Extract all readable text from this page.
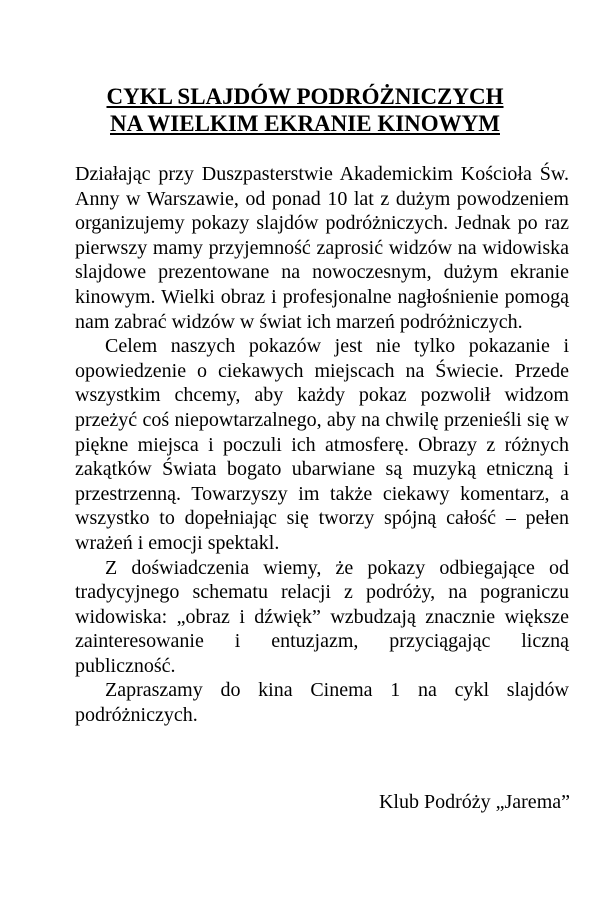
CYKL SLAJDÓW PODRÓŻNICZYCH
NA WIELKIM EKRANIE KINOWYM

Działając przy Duszpasterstwie Akademickim Kościoła Św. Anny w Warszawie, od ponad 10 lat z dużym powodzeniem organizujemy pokazy slajdów podróżniczych. Jednak po raz pierwszy mamy przyjemność zaprosić widzów na widowiska slajdowe prezentowane na nowoczesnym, dużym ekranie kinowym. Wielki obraz i profesjonalne nagłośnienie pomogą nam zabrać widzów w świat ich marzeń podróżniczych.

Celem naszych pokazów jest nie tylko pokazanie i opowiedzenie o ciekawych miejscach na Świecie. Przede wszystkim chcemy, aby każdy pokaz pozwolił widzom przeżyć coś niepowtarzalnego, aby na chwilę przenieśli się w piękne miejsca i poczuli ich atmosferę. Obrazy z różnych zakątków Świata bogato ubarwiane są muzyką etniczną i przestrzenną. Towarzyszy im także ciekawy komentarz, a wszystko to dopełniając się tworzy spójną całość – pełen wrażeń i emocji spektakl.

Z doświadczenia wiemy, że pokazy odbiegające od tradycyjnego schematu relacji z podróży, na pograniczu widowiska: „obraz i dźwięk” wzbudzają znacznie większe zainteresowanie i entuzjazm, przyciągając liczną publiczność.

Zapraszamy do kina Cinema 1 na cykl slajdów podróżniczych.

Klub Podróży „Jarema”
